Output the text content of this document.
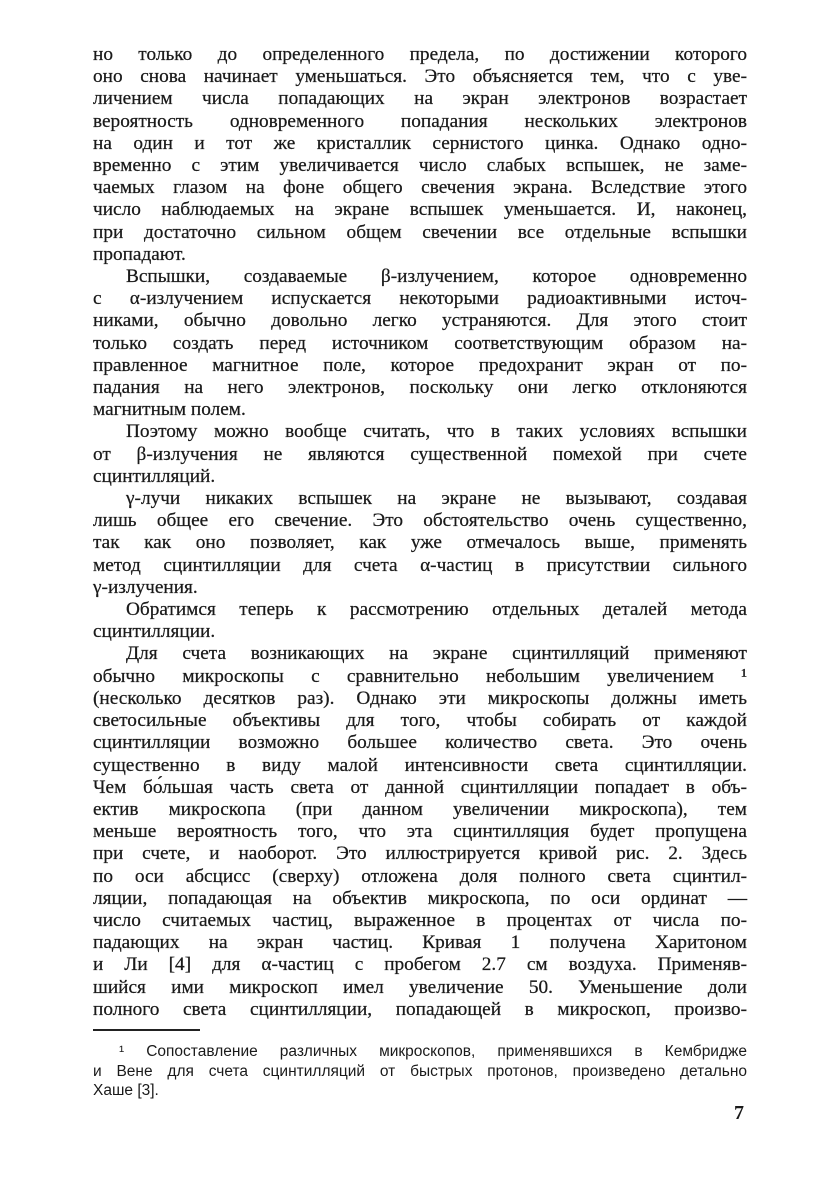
но только до определенного предела, по достижении которого
оно снова начинает уменьшаться. Это объясняется тем, что с уве-
личением числа попадающих на экран электронов возрастает
вероятность одновременного попадания нескольких электронов
на один и тот же кристаллик сернистого цинка. Однако одно-
временно с этим увеличивается число слабых вспышек, не заме-
чаемых глазом на фоне общего свечения экрана. Вследствие этого
число наблюдаемых на экране вспышек уменьшается. И, наконец,
при достаточно сильном общем свечении все отдельные вспышки
пропадают.
Вспышки, создаваемые β-излучением, которое одновременно
с α-излучением испускается некоторыми радиоактивными источ-
никами, обычно довольно легко устраняются. Для этого стоит
только создать перед источником соответствующим образом на-
правленное магнитное поле, которое предохранит экран от по-
падания на него электронов, поскольку они легко отклоняются
магнитным полем.
Поэтому можно вообще считать, что в таких условиях вспышки
от β-излучения не являются существенной помехой при счете
сцинтилляций.
γ-лучи никаких вспышек на экране не вызывают, создавая
лишь общее его свечение. Это обстоятельство очень существенно,
так как оно позволяет, как уже отмечалось выше, применять
метод сцинтилляции для счета α-частиц в присутствии сильного
γ-излучения.
Обратимся теперь к рассмотрению отдельных деталей метода
сцинтилляции.
Для счета возникающих на экране сцинтилляций применяют
обычно микроскопы с сравнительно небольшим увеличением ¹
(несколько десятков раз). Однако эти микроскопы должны иметь
светосильные объективы для того, чтобы собирать от каждой
сцинтилляции возможно большее количество света. Это очень
существенно в виду малой интенсивности света сцинтилляции.
Чем бо́льшая часть света от данной сцинтилляции попадает в объ-
ектив микроскопа (при данном увеличении микроскопа), тем
меньше вероятность того, что эта сцинтилляция будет пропущена
при счете, и наоборот. Это иллюстрируется кривой рис. 2. Здесь
по оси абсцисс (сверху) отложена доля полного света сцинтил-
ляции, попадающая на объектив микроскопа, по оси ординат —
число считаемых частиц, выраженное в процентах от числа по-
падающих на экран частиц. Кривая 1 получена Харитоном
и Ли [4] для α-частиц с пробегом 2.7 см воздуха. Применяв-
шийся ими микроскоп имел увеличение 50. Уменьшение доли
полного света сцинтилляции, попадающей в микроскоп, произво-
¹ Сопоставление различных микроскопов, применявшихся в Кембридже
и Вене для счета сцинтилляций от быстрых протонов, произведено детально
Хаше [3].
7
